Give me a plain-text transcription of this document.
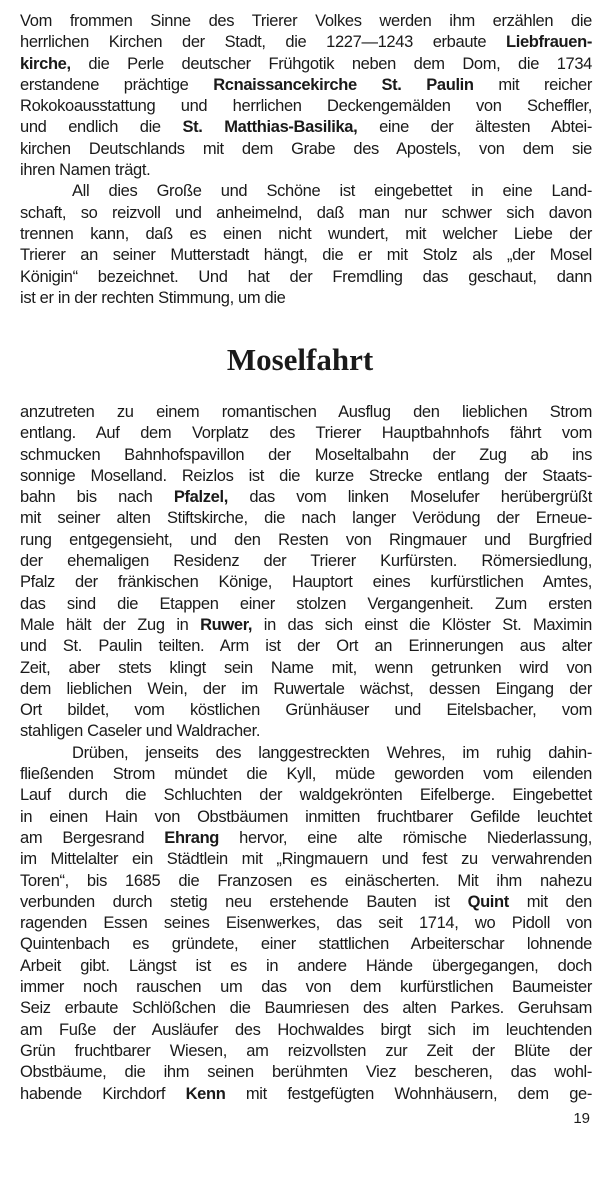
Vom frommen Sinne des Trierer Volkes werden ihm erzählen die
herrlichen Kirchen der Stadt, die 1227—1243 erbaute Liebfrauen-
kirche, die Perle deutscher Frühgotik neben dem Dom, die 1734
erstandene prächtige Rcnaissancekirche St. Paulin mit reicher
Rokokoausstattung und herrlichen Deckengemälden von Scheffler,
und endlich die St. Matthias-Basilika, eine der ältesten Abtei-
kirchen Deutschlands mit dem Grabe des Apostels, von dem sie
ihren Namen trägt.
All dies Große und Schöne ist eingebettet in eine Land-
schaft, so reizvoll und anheimelnd, daß man nur schwer sich davon
trennen kann, daß es einen nicht wundert, mit welcher Liebe der
Trierer an seiner Mutterstadt hängt, die er mit Stolz als „der Mosel
Königin“ bezeichnet. Und hat der Fremdling das geschaut, dann
ist er in der rechten Stimmung, um die
Moselfahrt
anzutreten zu einem romantischen Ausflug den lieblichen Strom
entlang. Auf dem Vorplatz des Trierer Hauptbahnhofs fährt vom
schmucken Bahnhofspavillon der Moseltalbahn der Zug ab ins
sonnige Moselland. Reizlos ist die kurze Strecke entlang der Staats-
bahn bis nach Pfalzel, das vom linken Moselufer herübergrüßt
mit seiner alten Stiftskirche, die nach langer Verödung der Erneue-
rung entgegensieht, und den Resten von Ringmauer und Burgfried
der ehemaligen Residenz der Trierer Kurfürsten. Römersiedlung,
Pfalz der fränkischen Könige, Hauptort eines kurfürstlichen Amtes,
das sind die Etappen einer stolzen Vergangenheit. Zum ersten
Male hält der Zug in Ruwer, in das sich einst die Klöster St. Maximin
und St. Paulin teilten. Arm ist der Ort an Erinnerungen aus alter
Zeit, aber stets klingt sein Name mit, wenn getrunken wird von
dem lieblichen Wein, der im Ruwertale wächst, dessen Eingang der
Ort bildet, vom köstlichen Grünhäuser und Eitelsbacher, vom
stahligen Caseler und Waldracher.
Drüben, jenseits des langgestreckten Wehres, im ruhig dahin-
fließenden Strom mündet die Kyll, müde geworden vom eilenden
Lauf durch die Schluchten der waldgekrönten Eifelberge. Eingebettet
in einen Hain von Obstbäumen inmitten fruchtbarer Gefilde leuchtet
am Bergesrand Ehrang hervor, eine alte römische Niederlassung,
im Mittelalter ein Städtlein mit „Ringmauern und fest zu verwahrenden
Toren“, bis 1685 die Franzosen es einäscherten. Mit ihm nahezu
verbunden durch stetig neu erstehende Bauten ist Quint mit den
ragenden Essen seines Eisenwerkes, das seit 1714, wo Pidoll von
Quintenbach es gründete, einer stattlichen Arbeiterschar lohnende
Arbeit gibt. Längst ist es in andere Hände übergegangen, doch
immer noch rauschen um das von dem kurfürstlichen Baumeister
Seiz erbaute Schlößchen die Baumriesen des alten Parkes. Geruhsam
am Fuße der Ausläufer des Hochwaldes birgt sich im leuchtenden
Grün fruchtbarer Wiesen, am reizvollsten zur Zeit der Blüte der
Obstbäume, die ihm seinen berühmten Viez bescheren, das wohl-
habende Kirchdorf Kenn mit festgefügten Wohnhäusern, dem ge-
19
